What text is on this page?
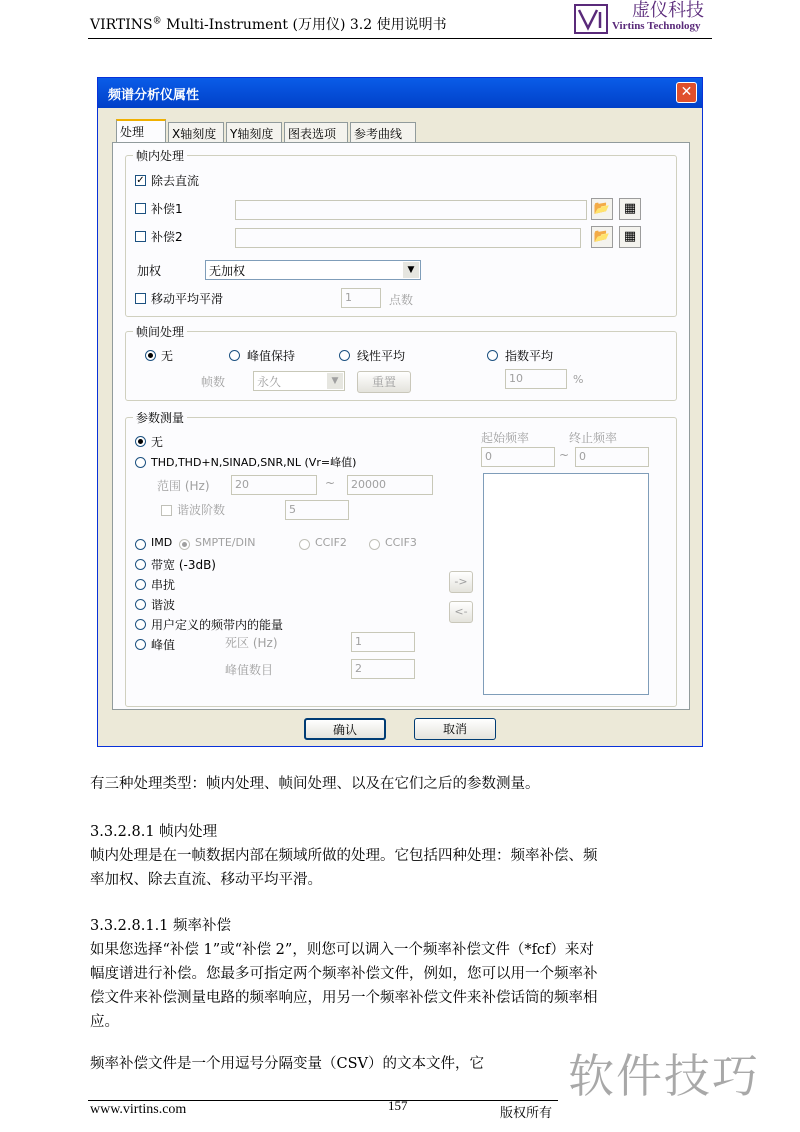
VIRTINS® Multi-Instrument (万用仪) 3.2 使用说明书
虚仪科技
Virtins Technology
频谱分析仪属性	✕
处理	X轴刻度	Y轴刻度	图表选项	参考曲线
帧内处理
✓ 除去直流
补偿1	📂	▦
补偿2	📂	▦
加权	无加权	▼
移动平均平滑	1	点数
帧间处理
无	峰值保持	线性平均	指数平均
帧数	永久	▼	重置	10	%
参数测量
无
THD,THD+N,SINAD,SNR,NL (Vr=峰值)
范围 (Hz)	20	~	20000
谐波阶数	5
IMD SMPTE/DIN	CCIF2	CCIF3
带宽 (-3dB)
串扰
谐波
用户定义的频带内的能量
峰值	死区 (Hz)	1
峰值数目	2
起始频率	终止频率
0	~ 0
->
<-
确认	取消
有三种处理类型：帧内处理、帧间处理、以及在它们之后的参数测量。
3.3.2.8.1 帧内处理
帧内处理是在一帧数据内部在频域所做的处理。它包括四种处理：频率补偿、频
率加权、除去直流、移动平均平滑。
3.3.2.8.1.1 频率补偿
如果您选择“补偿 1”或“补偿 2”，则您可以调入一个频率补偿文件（*fcf）来对
幅度谱进行补偿。您最多可指定两个频率补偿文件，例如，您可以用一个频率补
偿文件来补偿测量电路的频率响应，用另一个频率补偿文件来补偿话筒的频率相
应。
频率补偿文件是一个用逗号分隔变量（CSV）的文本文件，它 软件技巧
www.virtins.com	157
版权所有
